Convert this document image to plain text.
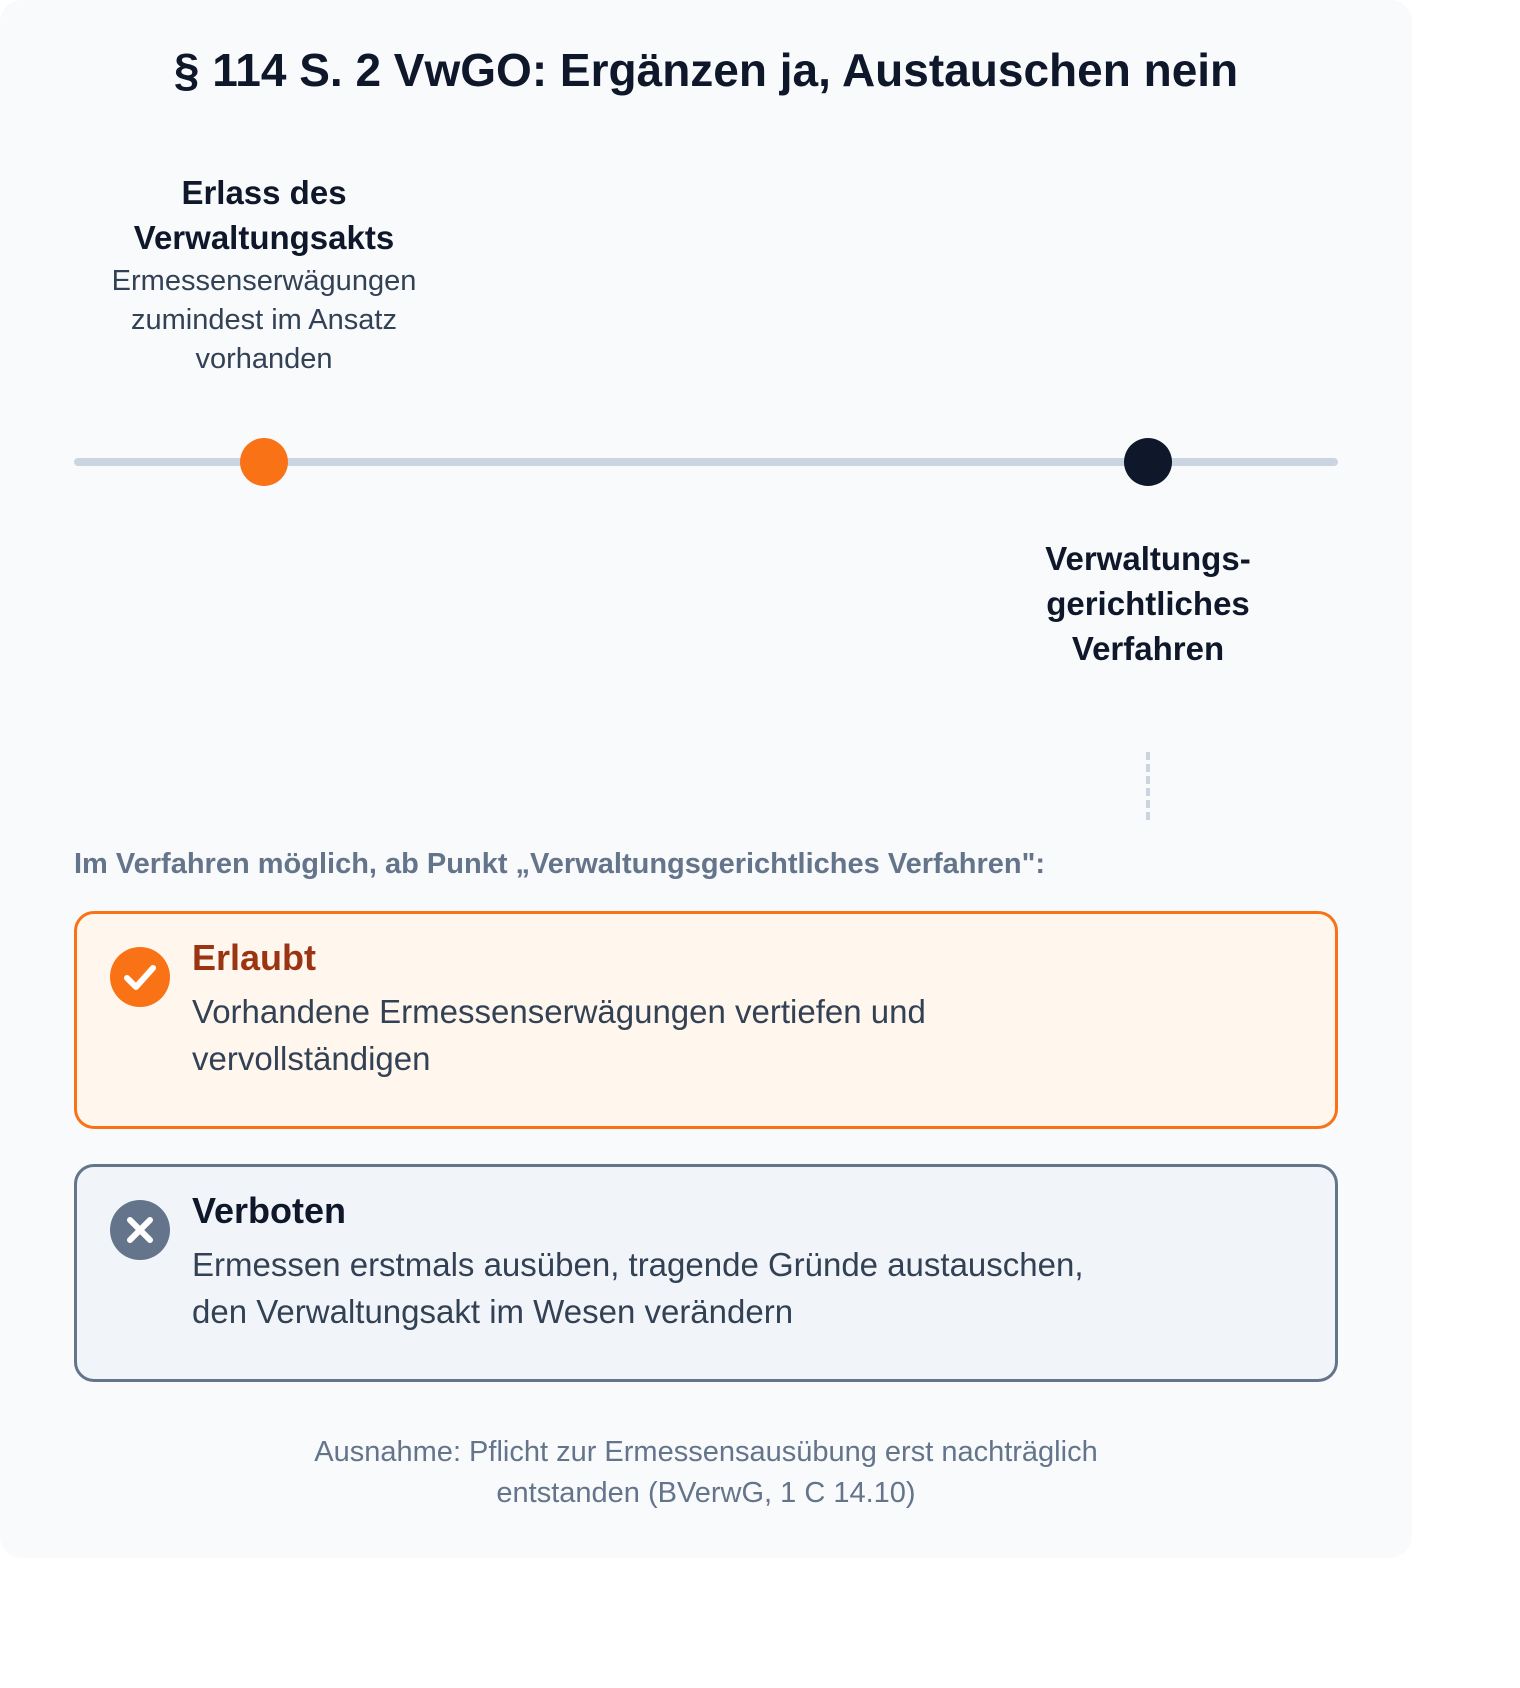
§ 114 S. 2 VwGO: Ergänzen ja, Austauschen nein
Erlass des Verwaltungsakts
Ermessenserwägungen zumindest im Ansatz vorhanden
Verwaltungs-gerichtliches Verfahren
Im Verfahren möglich, ab Punkt „Verwaltungsgerichtliches Verfahren":
Erlaubt
Vorhandene Ermessenserwägungen vertiefen und vervollständigen
Verboten
Ermessen erstmals ausüben, tragende Gründe austauschen, den Verwaltungsakt im Wesen verändern
Ausnahme: Pflicht zur Ermessensausübung erst nachträglich entstanden (BVerwG, 1 C 14.10)
